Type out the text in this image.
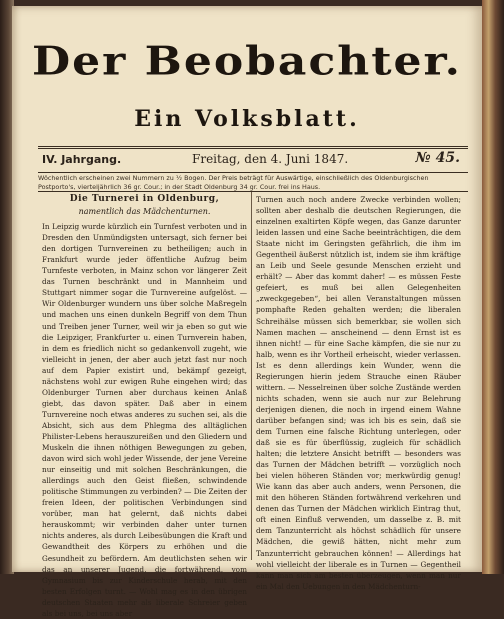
Der Beobachter.
Ein Volksblatt.
IV. Jahrgang.	Freitag, den 4. Juni 1847.	№ 45.
Wöchentlich erscheinen zwei Nummern zu ½ Bogen. Der Preis beträgt für Auswärtige, einschließlich des Oldenburgischen Postporto's, vierteljährlich 36 gr. Cour.; in der Stadt Oldenburg 34 gr. Cour. frei ins Haus.
Die Turnerei in Oldenburg,
namentlich das Mädchenturnen.

In Leipzig wurde kürzlich ein Turnfest verboten und in Dresden den Unmündigsten untersagt, sich ferner bei den dortigen Turnvereinen zu betheiligen; auch in Frankfurt wurde jeder öffentliche Aufzug beim Turnfeste verboten, in Mainz schon vor längerer Zeit das Turnen beschränkt und in Mannheim und Stuttgart nimmer sogar die Turnvereine aufgelöst. — Wir Oldenburger wundern uns über solche Maßregeln und machen uns einen dunkeln Begriff von dem Thun und Treiben jener Turner, weil wir ja eben so gut wie die Leipziger, Frankfurter u. einen Turnverein haben, in dem es friedlich nicht so gedankenvoll zugeht, wie vielleicht in jenen, der aber auch jetzt fast nur noch auf dem Papier existirt und, bekämpf gezeigt, nächstens wohl zur ewigen Ruhe eingehen wird; das Oldenburger Turnen aber durchaus keinen Anlaß giebt, das davon später. Daß aber in einem Turnvereine noch etwas anderes zu suchen sei, als die Absicht, sich aus dem Phlegma des alltäglichen Philister-Lebens herauszureißen und den Gliedern und Muskeln die ihnen nöthigen Bewegungen zu geben, davon wird sich wohl jeder Wissende, der jene Vereine nur einseitig und mit solchen Beschränkungen, die allerdings auch den Geist fließen, schwindende politische Stimmungen zu verbinden? — Die Zeiten der freien Ideen, der politischen Verbindungen sind vorüber, man hat gelernt, daß nichts dabei herauskommt; wir verbinden daher unter turnen nichts anderes, als durch Leibesübungen die Kraft und Gewandtheit des Körpers zu erhöhen und die Gesundheit zu befördern. Am deutlichsten sehen wir das an unserer Jugend, die fortwährend, vom Gymnasium bis zur Kinderschule herab, mit den besten Erfolgen turnt. — Wohl mag es in den übrigen deutschen Staaten mehr als liberale Schreier geben als bei uns, bei uns aber

Turnen auch noch andere Zwecke verbinden wollen; sollten aber deshalb die deutschen Regierungen, die einzelnen exaltirten Köpfe wegen, das Ganze darunter leiden lassen und eine Sache beeinträchtigen, die dem Staate nicht im Geringsten gefährlich, die ihm im Gegentheil äußerst nützlich ist, indem sie ihm kräftige an Leib und Seele gesunde Menschen erzieht und erhält? — Aber das kommt daher! — es müssen Feste gefeiert, es muß bei allen Gelegenheiten „zweckgegeben“, bei allen Veranstaltungen müssen pomphafte Reden gehalten werden; die liberalen Schreihälse müssen sich bemerkbar, sie wollen sich Namen machen — anscheinend — denn Ernst ist es ihnen nicht! — für eine Sache kämpfen, die sie nur zu halb, wenn es ihr Vortheil erheischt, wieder verlassen. Ist es denn allerdings kein Wunder, wenn die Regierungen hierin jedem Strauche einen Räuber wittern. — Nesselreinen über solche Zustände werden nichts schaden, wenn sie auch nur zur Belehrung derjenigen dienen, die noch in irgend einem Wahne darüber befangen sind; was ich bis es sein, daß sie dem Turnen eine falsche Richtung unterlegen, oder daß sie es für überflüssig, zugleich für schädlich halten; die letztere Ansicht betrifft — besonders was das Turnen der Mädchen betrifft — vorzüglich noch bei vielen höheren Ständen vor; merkwürdig genug! Wie kann das aber auch anders, wenn Personen, die mit den höheren Ständen fortwährend verkehren und denen das Turnen der Mädchen wirklich Eintrag thut, oft einen Einfluß verwenden, um dasselbe z. B. mit dem Tanzunterricht als höchst schädlich für unsere Mädchen, die gewiß hätten, nicht mehr zum Tanzunterricht gebrauchen können! — Allerdings hat wohl vielleicht der liberale es in Turnen — Gegentheil kann man sich am besten überzeugen, wenn man nur ein Mal den Uebungen in den Mädchenturn-
